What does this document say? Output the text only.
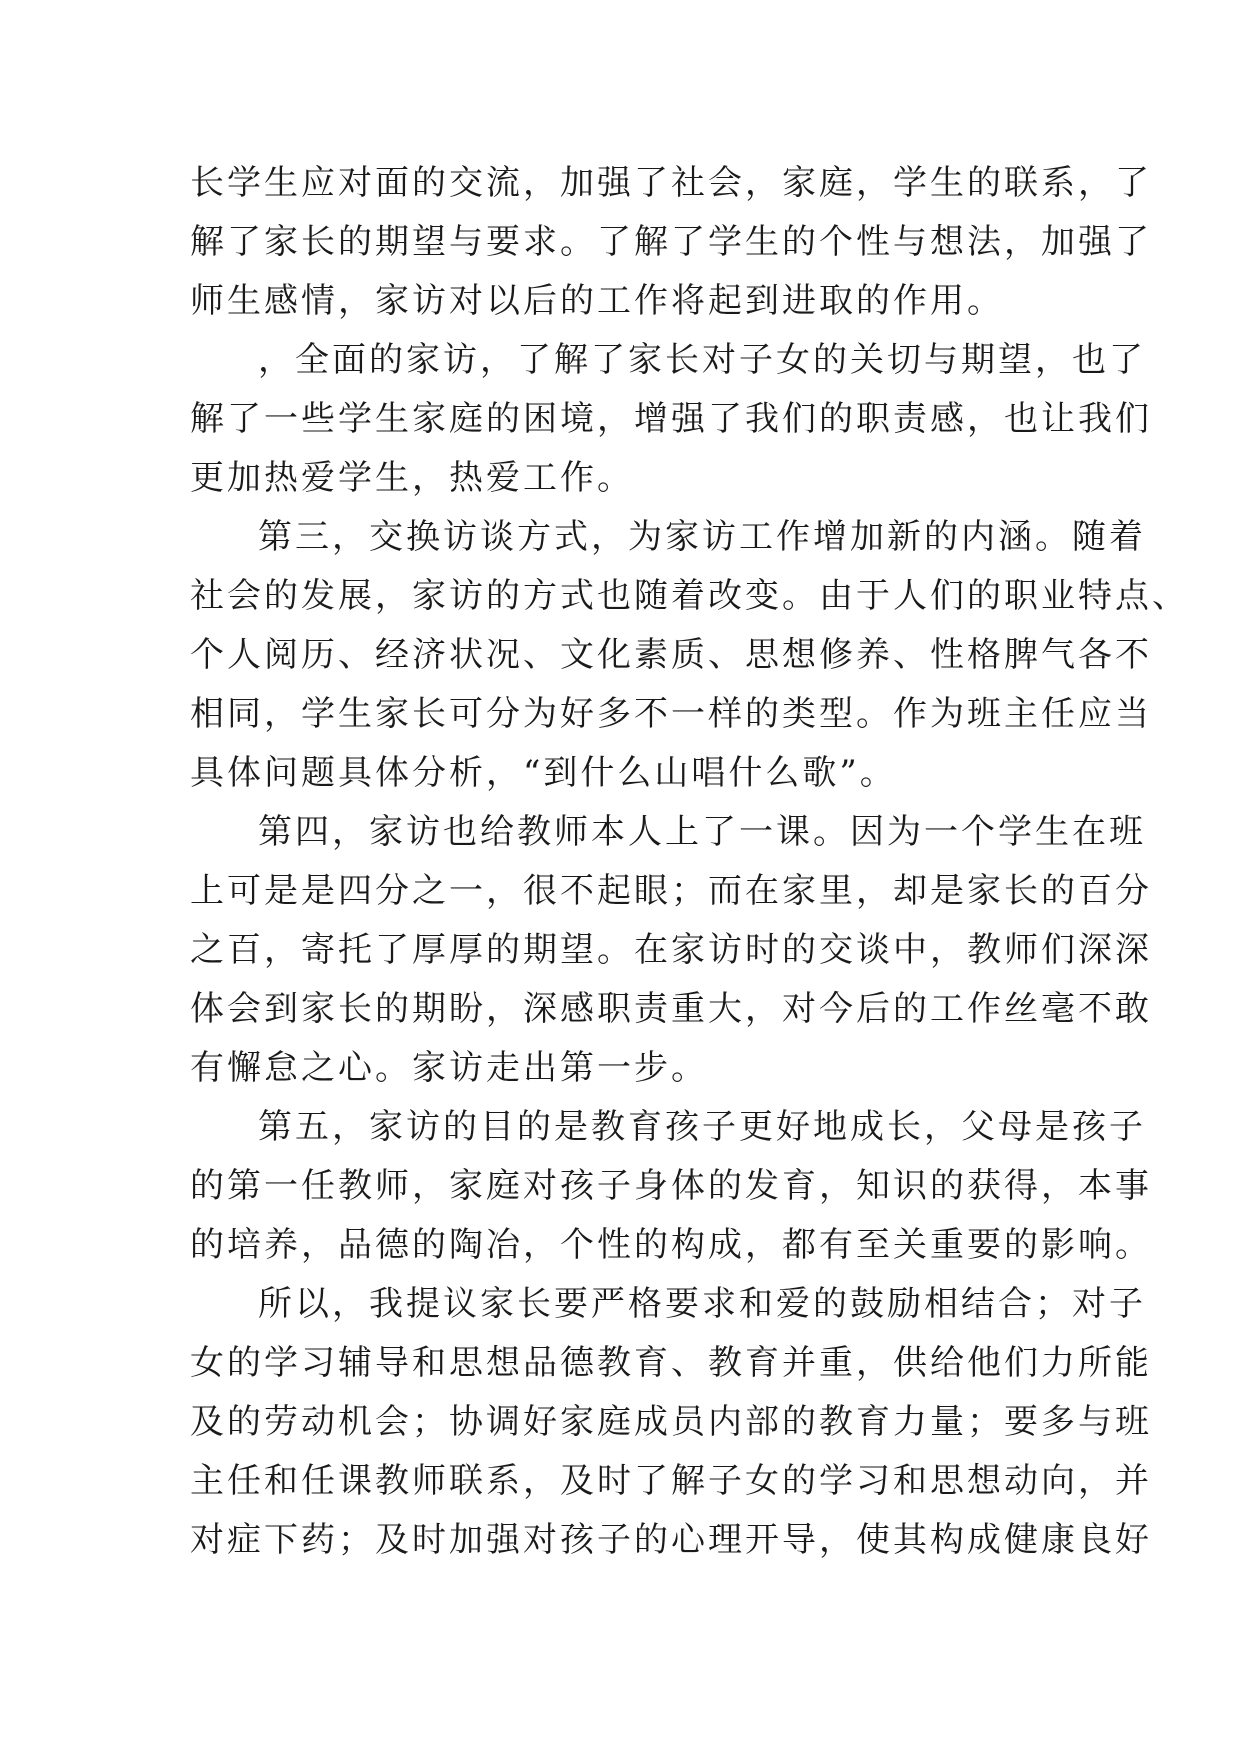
长学生应对面的交流，加强了社会，家庭，学生的联系，了
解了家长的期望与要求。了解了学生的个性与想法，加强了
师生感情，家访对以后的工作将起到进取的作用。
，全面的家访，了解了家长对子女的关切与期望，也了
解了一些学生家庭的困境，增强了我们的职责感，也让我们
更加热爱学生，热爱工作。
第三，交换访谈方式，为家访工作增加新的内涵。随着
社会的发展，家访的方式也随着改变。由于人们的职业特点、
个人阅历、经济状况、文化素质、思想修养、性格脾气各不
相同，学生家长可分为好多不一样的类型。作为班主任应当
具体问题具体分析，“到什么山唱什么歌”。
第四，家访也给教师本人上了一课。因为一个学生在班
上可是是四分之一，很不起眼；而在家里，却是家长的百分
之百，寄托了厚厚的期望。在家访时的交谈中，教师们深深
体会到家长的期盼，深感职责重大，对今后的工作丝毫不敢
有懈怠之心。家访走出第一步。
第五，家访的目的是教育孩子更好地成长，父母是孩子
的第一任教师，家庭对孩子身体的发育，知识的获得，本事
的培养，品德的陶冶，个性的构成，都有至关重要的影响。
所以，我提议家长要严格要求和爱的鼓励相结合；对子
女的学习辅导和思想品德教育、教育并重，供给他们力所能
及的劳动机会；协调好家庭成员内部的教育力量；要多与班
主任和任课教师联系，及时了解子女的学习和思想动向，并
对症下药；及时加强对孩子的心理开导，使其构成健康良好
